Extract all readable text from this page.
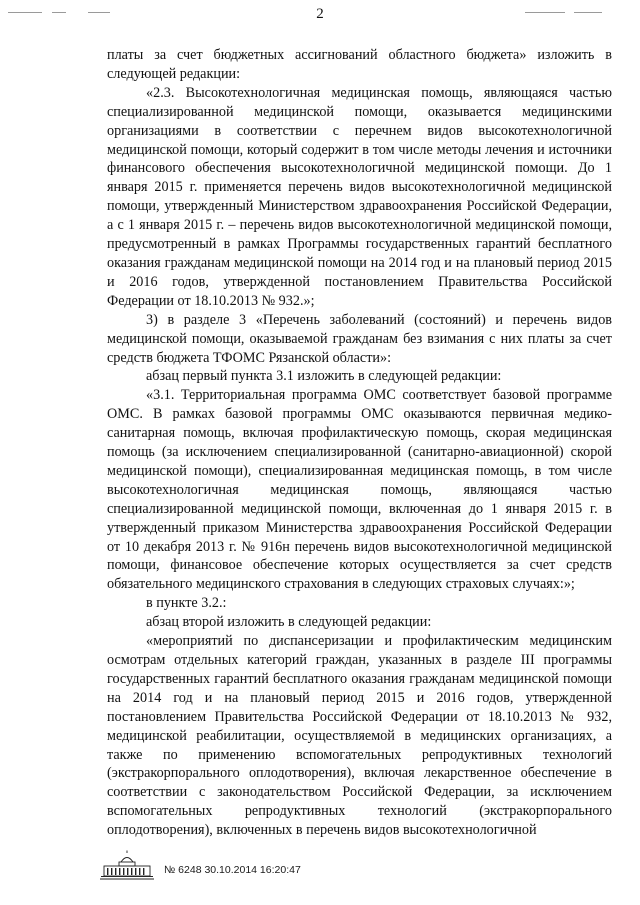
2

платы за счет бюджетных ассигнований областного бюджета» изложить в следующей редакции:

«2.3. Высокотехнологичная медицинская помощь, являющаяся частью специализированной медицинской помощи, оказывается медицинскими организациями в соответствии с перечнем видов высокотехнологичной медицинской помощи, который содержит в том числе методы лечения и источники финансового обеспечения высокотехнологичной медицинской помощи. До 1 января 2015 г. применяется перечень видов высокотехнологичной медицинской помощи, утвержденный Министерством здравоохранения Российской Федерации, а с 1 января 2015 г. – перечень видов высокотехнологичной медицинской помощи, предусмотренный в рамках Программы государственных гарантий бесплатного оказания гражданам медицинской помощи на 2014 год и на плановый период 2015 и 2016 годов, утвержденной постановлением Правительства Российской Федерации от 18.10.2013 № 932.»;

3) в разделе 3 «Перечень заболеваний (состояний) и перечень видов медицинской помощи, оказываемой гражданам без взимания с них платы за счет средств бюджета ТФОМС Рязанской области»:

абзац первый пункта 3.1 изложить в следующей редакции:

«3.1. Территориальная программа ОМС соответствует базовой программе ОМС. В рамках базовой программы ОМС оказываются первичная медико-санитарная помощь, включая профилактическую помощь, скорая медицинская помощь (за исключением специализированной (санитарно-авиационной) скорой медицинской помощи), специализированная медицинская помощь, в том числе высокотехнологичная медицинская помощь, являющаяся частью специализированной медицинской помощи, включенная до 1 января 2015 г. в утвержденный приказом Министерства здравоохранения Российской Федерации от 10 декабря 2013 г. № 916н перечень видов высокотехнологичной медицинской помощи, финансовое обеспечение которых осуществляется за счет средств обязательного медицинского страхования в следующих страховых случаях:»;

в пункте 3.2.:

абзац второй изложить в следующей редакции:

«мероприятий по диспансеризации и профилактическим медицинским осмотрам отдельных категорий граждан, указанных в разделе III программы государственных гарантий бесплатного оказания гражданам медицинской помощи на 2014 год и на плановый период 2015 и 2016 годов, утвержденной постановлением Правительства Российской Федерации от 18.10.2013 № 932, медицинской реабилитации, осуществляемой в медицинских организациях, а также по применению вспомогательных репродуктивных технологий (экстракорпорального оплодотворения), включая лекарственное обеспечение в соответствии с законодательством Российской Федерации, за исключением вспомогательных репродуктивных технологий (экстракорпорального оплодотворения), включенных в перечень видов высокотехнологичной

№ 6248 30.10.2014 16:20:47
